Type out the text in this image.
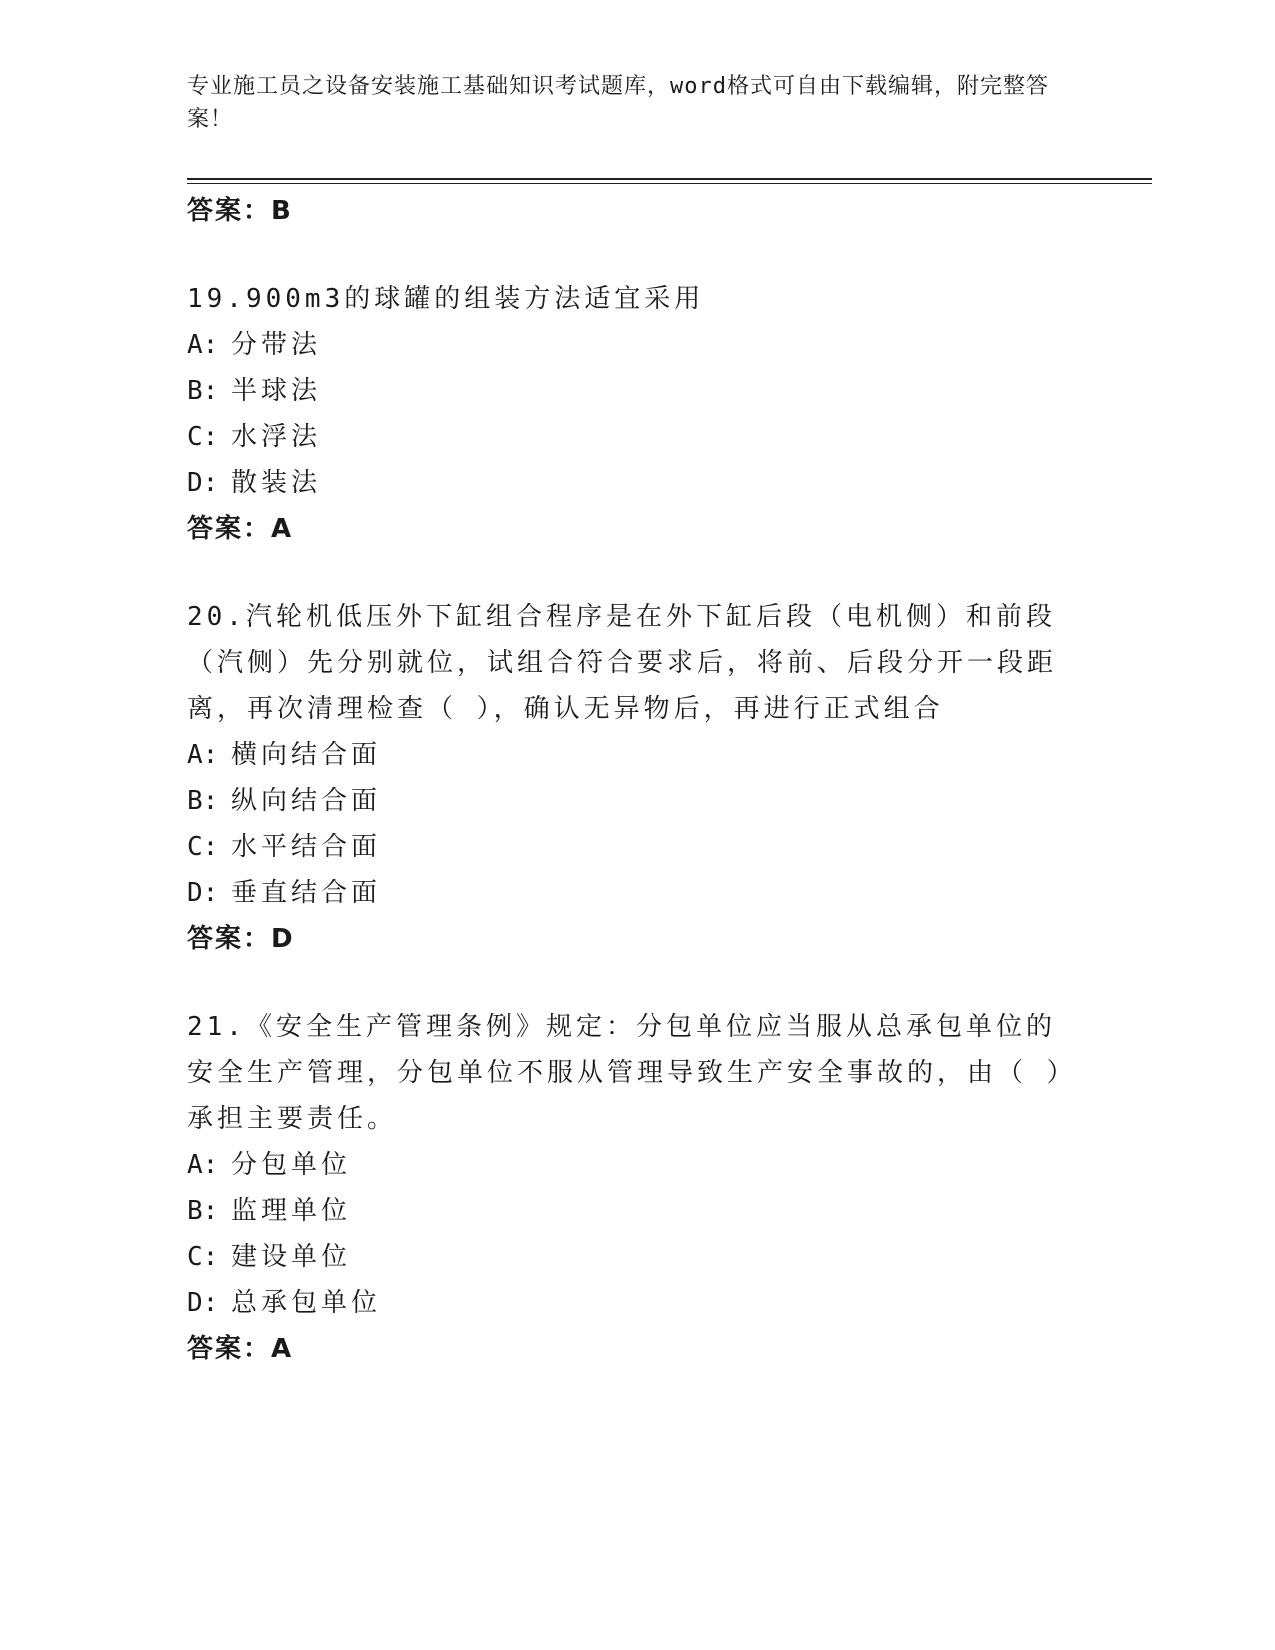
专业施工员之设备安装施工基础知识考试题库，word格式可自由下载编辑，附完整答案！
答案：B
19.900m3的球罐的组装方法适宜采用
A: 分带法
B: 半球法
C: 水浮法
D: 散装法
答案：A
20.汽轮机低压外下缸组合程序是在外下缸后段（电机侧）和前段（汽侧）先分别就位，试组合符合要求后，将前、后段分开一段距离，再次清理检查（ ），确认无异物后，再进行正式组合
A: 横向结合面
B: 纵向结合面
C: 水平结合面
D: 垂直结合面
答案：D
21.《安全生产管理条例》规定：分包单位应当服从总承包单位的安全生产管理，分包单位不服从管理导致生产安全事故的，由（ ）承担主要责任。
A: 分包单位
B: 监理单位
C: 建设单位
D: 总承包单位
答案：A
